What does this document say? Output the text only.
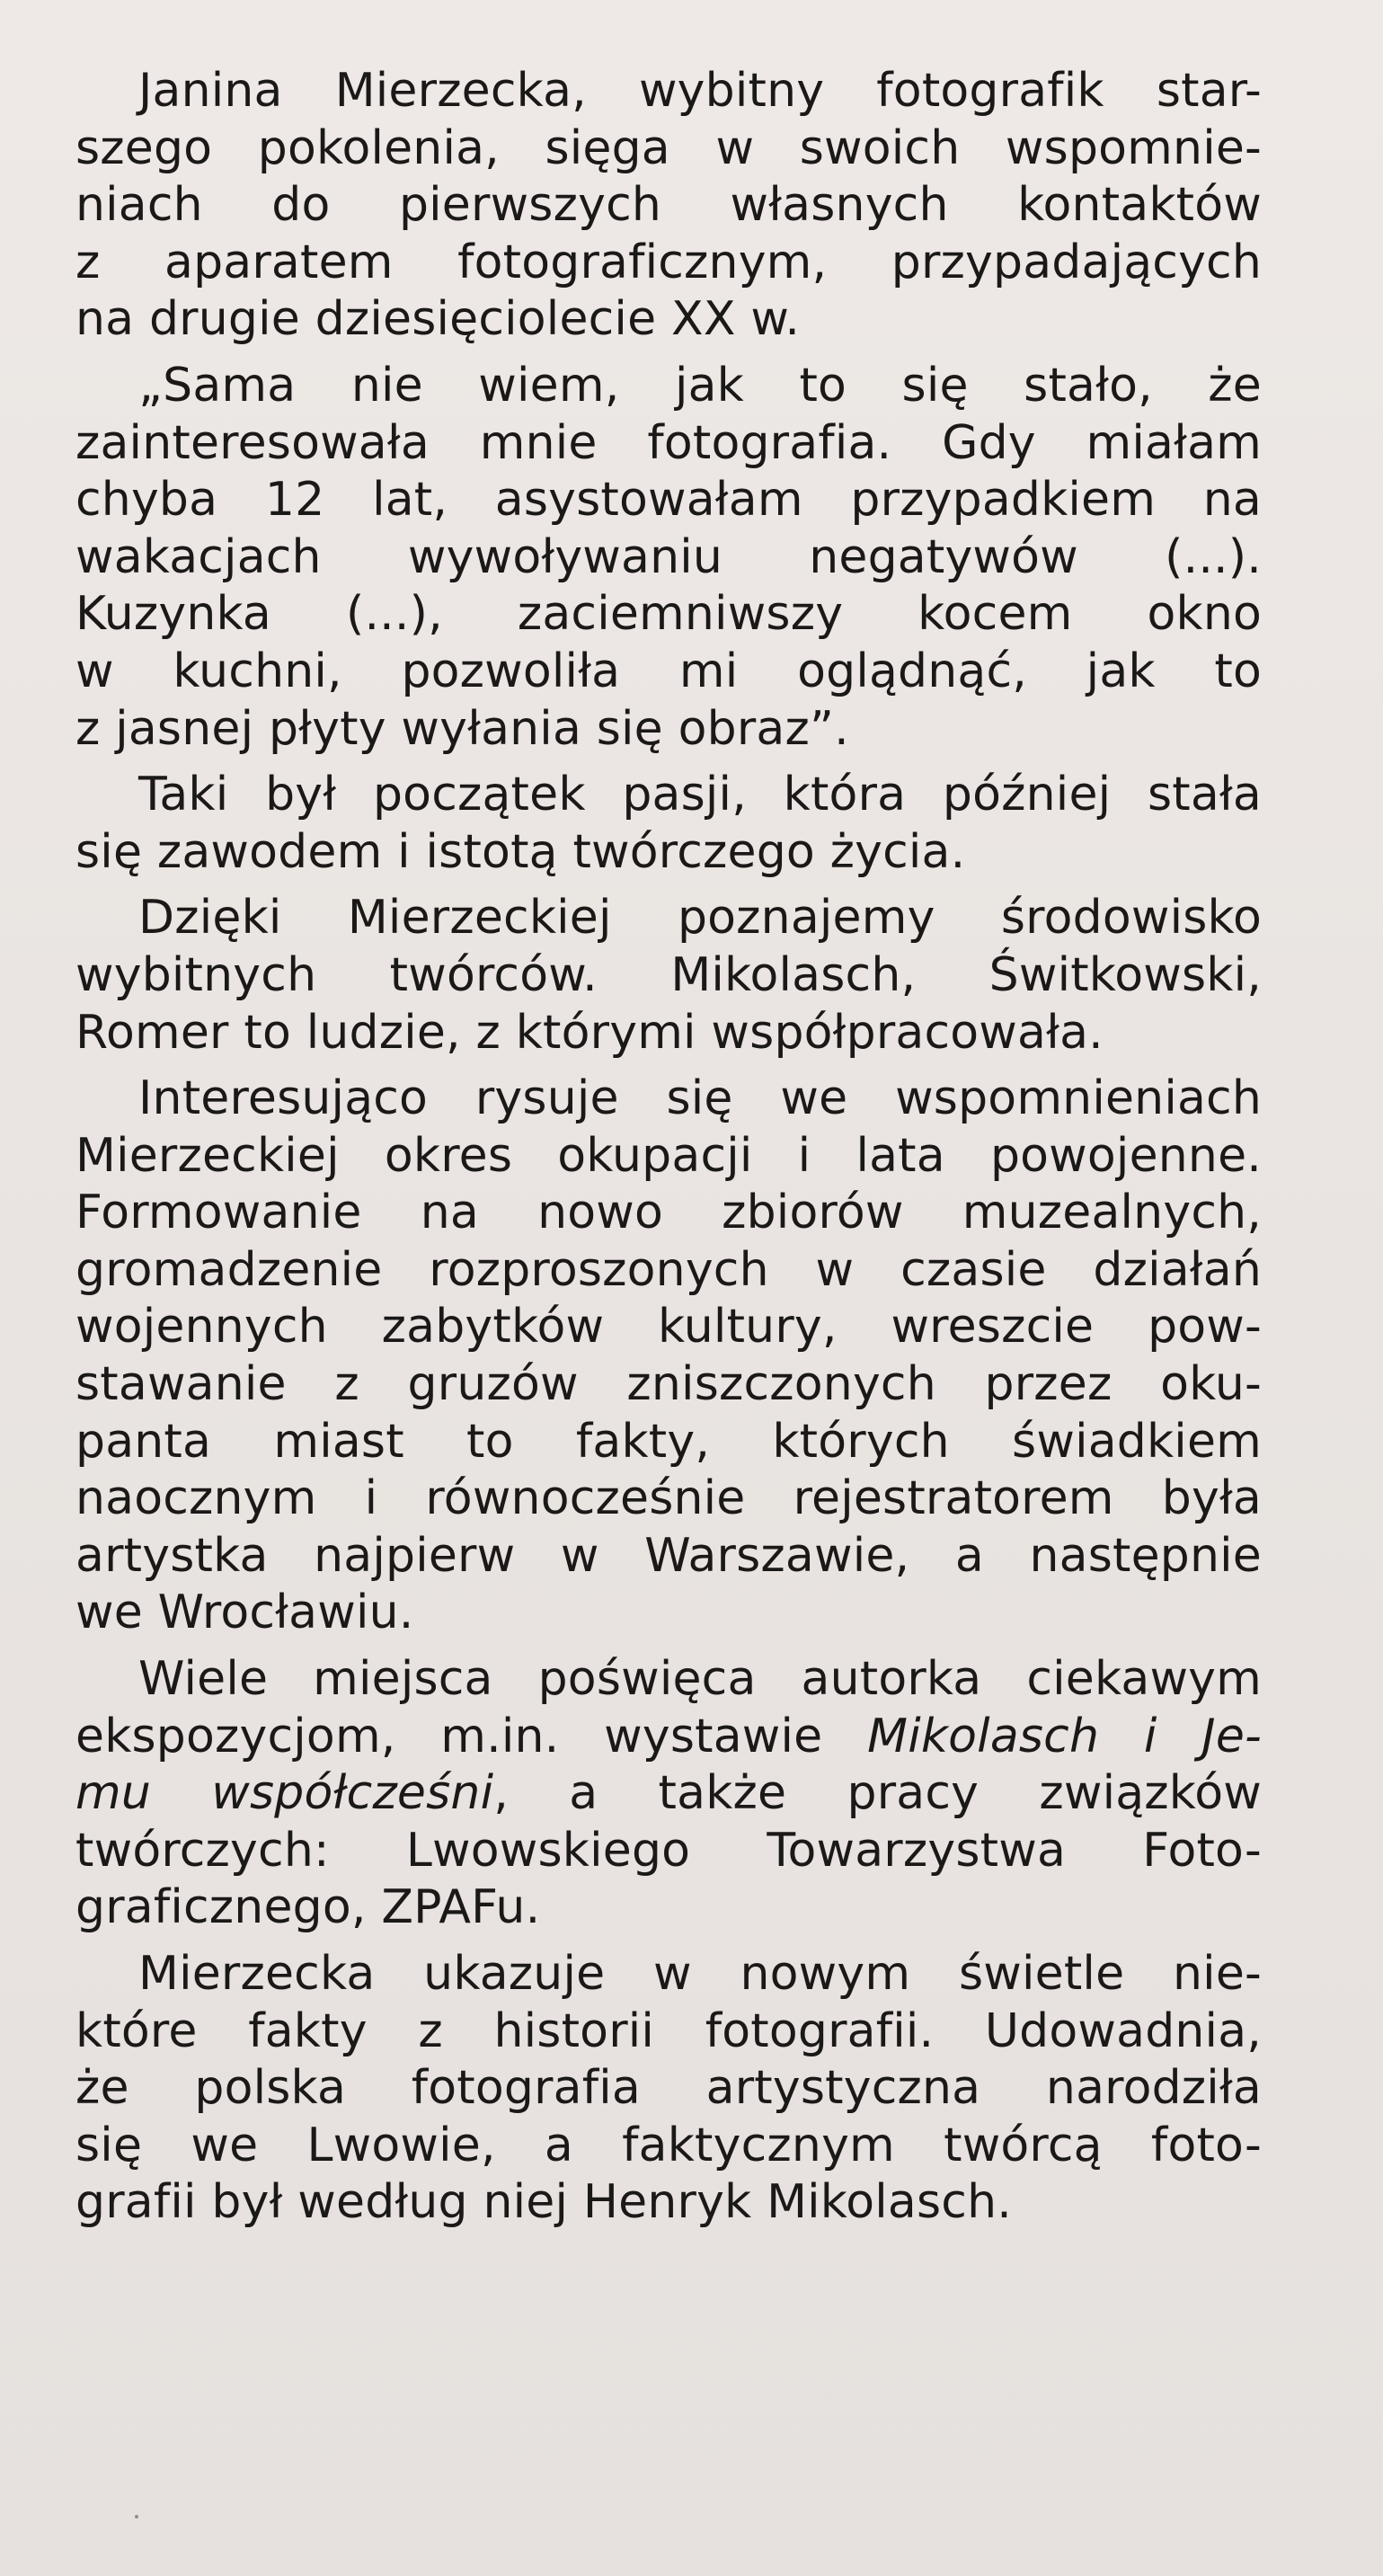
Janina Mierzecka, wybitny fotografik star-
szego pokolenia, sięga w swoich wspomnie-
niach do pierwszych własnych kontaktów
z aparatem fotograficznym, przypadających
na drugie dziesięciolecie XX w.
„Sama nie wiem, jak to się stało, że
zainteresowała mnie fotografia. Gdy miałam
chyba 12 lat, asystowałam przypadkiem na
wakacjach wywoływaniu negatywów (...).
Kuzynka (...), zaciemniwszy kocem okno
w kuchni, pozwoliła mi oglądnąć, jak to
z jasnej płyty wyłania się obraz”.
Taki był początek pasji, która później stała
się zawodem i istotą twórczego życia.
Dzięki Mierzeckiej poznajemy środowisko
wybitnych twórców. Mikolasch, Świtkowski,
Romer to ludzie, z którymi współpracowała.
Interesująco rysuje się we wspomnieniach
Mierzeckiej okres okupacji i lata powojenne.
Formowanie na nowo zbiorów muzealnych,
gromadzenie rozproszonych w czasie działań
wojennych zabytków kultury, wreszcie pow-
stawanie z gruzów zniszczonych przez oku-
panta miast to fakty, których świadkiem
naocznym i równocześnie rejestratorem była
artystka najpierw w Warszawie, a następnie
we Wrocławiu.
Wiele miejsca poświęca autorka ciekawym
ekspozycjom, m.in. wystawie Mikolasch i Je-
mu współcześni, a także pracy związków
twórczych: Lwowskiego Towarzystwa Foto-
graficznego, ZPAFu.
Mierzecka ukazuje w nowym świetle nie-
które fakty z historii fotografii. Udowadnia,
że polska fotografia artystyczna narodziła
się we Lwowie, a faktycznym twórcą foto-
grafii był według niej Henryk Mikolasch.
